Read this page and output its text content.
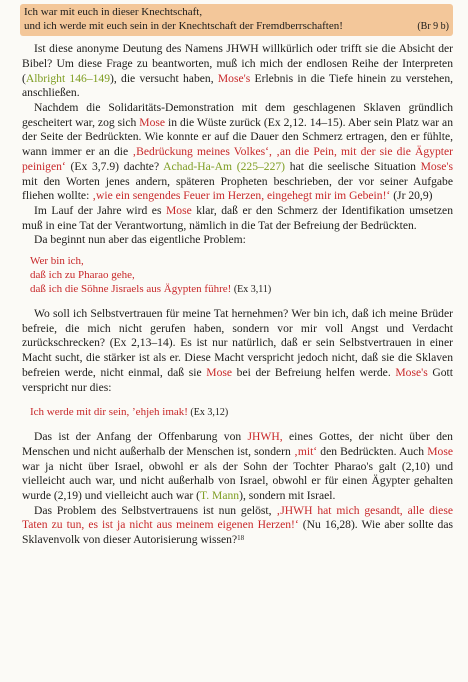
Ich war mit euch in dieser Knechtschaft,
und ich werde mit euch sein in der Knechtschaft der Fremdberrschaften!	(Br 9 b)

Ist diese anonyme Deutung des Namens JHWH willkürlich oder trifft sie die Absicht der Bibel? Um diese Frage zu beantworten, muß ich mich der endlosen Reihe der Interpreten (Albright 146–149), die versucht haben, Mose's Erlebnis in die Tiefe hinein zu verstehen, anschließen.

Nachdem die Solidaritäts-Demonstration mit dem geschlagenen Sklaven gründlich gescheitert war, zog sich Mose in die Wüste zurück (Ex 2,12. 14–15). Aber sein Platz war an der Seite der Bedrückten. Wie konnte er auf die Dauer den Schmerz ertragen, den er fühlte, wann immer er an die ‚Bedrückung meines Volkes‘, ‚an die Pein, mit der sie die Ägypter peinigen‘ (Ex 3,7.9) dachte? Achad-Ha-Am (225–227) hat die seelische Situation Mose's mit den Worten jenes andern, späteren Propheten beschrieben, der vor seiner Aufgabe fliehen wollte: ‚wie ein sengendes Feuer im Herzen, eingehegt mir im Gebein!‘ (Jr 20,9)

Im Lauf der Jahre wird es Mose klar, daß er den Schmerz der Identifikation umsetzen muß in eine Tat der Verantwortung, nämlich in die Tat der Befreiung der Bedrückten.

Da beginnt nun aber das eigentliche Problem:

Wer bin ich,
daß ich zu Pharao gehe,
daß ich die Söhne Jisraels aus Ägypten führe! (Ex 3,11)

Wo soll ich Selbstvertrauen für meine Tat hernehmen? Wer bin ich, daß ich meine Brüder befreie, die mich nicht gerufen haben, sondern vor mir voll Angst und Verdacht zurückschrecken? (Ex 2,13–14). Es ist nur natürlich, daß er sein Selbstvertrauen in einer Macht sucht, die stärker ist als er. Diese Macht verspricht jedoch nicht, daß sie die Sklaven befreien werde, nicht einmal, daß sie Mose bei der Befreiung helfen werde. Mose's Gott verspricht nur dies:

Ich werde mit dir sein, ’ehjeh imak! (Ex 3,12)

Das ist der Anfang der Offenbarung von JHWH, eines Gottes, der nicht über den Menschen und nicht außerhalb der Menschen ist, sondern ‚mit‘ den Bedrückten. Auch Mose war ja nicht über Israel, obwohl er als der Sohn der Tochter Pharao's galt (2,10) und vielleicht auch war, und nicht außerhalb von Israel, obwohl er für einen Ägypter gehalten wurde (2,19) und vielleicht auch war (T. Mann), sondern mit Israel.

Das Problem des Selbstvertrauens ist nun gelöst, ‚JHWH hat mich gesandt, alle diese Taten zu tun, es ist ja nicht aus meinem eigenen Herzen!‘ (Nu 16,28). Wie aber sollte das Sklavenvolk von dieser Autorisierung wissen?$^{18}$
